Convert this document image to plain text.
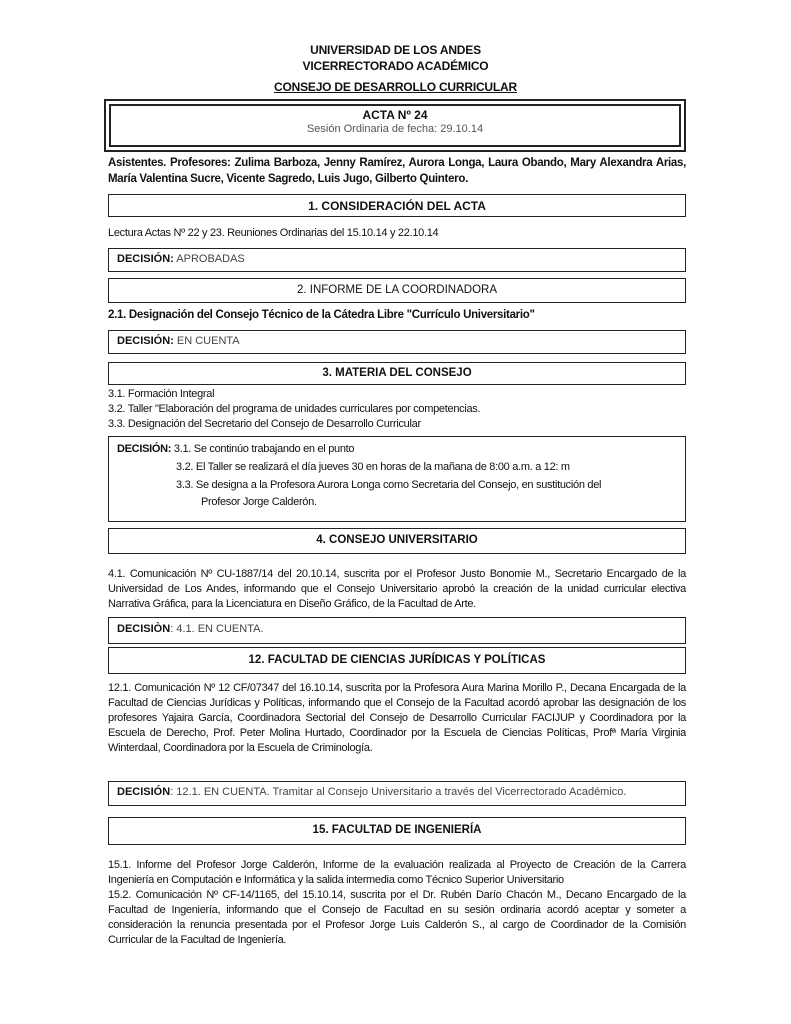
UNIVERSIDAD DE LOS ANDES
VICERRECTORADO ACADÉMICO
CONSEJO DE DESARROLLO CURRICULAR
ACTA Nº 24
Sesión Ordinaria de fecha: 29.10.14
Asistentes. Profesores: Zulima Barboza, Jenny Ramírez, Aurora Longa, Laura Obando, Mary Alexandra Arias, María Valentina Sucre, Vicente Sagredo, Luis Jugo, Gilberto Quintero.
1. CONSIDERACIÓN DEL ACTA
Lectura Actas Nº 22 y 23. Reuniones Ordinarias del 15.10.14 y 22.10.14
DECISIÓN: APROBADAS
2. INFORME DE LA COORDINADORA
2.1. Designación del Consejo Técnico de la Cátedra Libre "Currículo Universitario"
DECISIÓN: EN CUENTA
3. MATERIA DEL CONSEJO
3.1. Formación Integral
3.2. Taller "Elaboración del programa de unidades curriculares por competencias.
3.3. Designación del Secretario del Consejo de Desarrollo Curricular
DECISIÓN: 3.1. Se continúo trabajando en el punto
3.2. El Taller se realizará el día jueves 30 en horas de la mañana de 8:00 a.m. a 12: m
3.3. Se designa a la Profesora Aurora Longa como Secretaria del Consejo, en sustitución del
Profesor Jorge Calderón.
4. CONSEJO UNIVERSITARIO
4.1. Comunicación Nº CU-1887/14 del 20.10.14, suscrita por el Profesor Justo Bonomie M., Secretario Encargado de la Universidad de Los Andes, informando que el Consejo Universitario aprobó la creación de la unidad curricular electiva Narrativa Gráfica, para la Licenciatura en Diseño Gráfico, de la Facultad de Arte.
DECISIÒN: 4.1. EN CUENTA.
12. FACULTAD DE CIENCIAS JURÍDICAS Y POLÍTICAS
12.1. Comunicación Nº 12 CF/07347 del 16.10.14, suscrita por la Profesora Aura Marina Morillo P., Decana Encargada de la Facultad de Ciencias Jurídicas y Políticas, informando que el Consejo de la Facultad acordó aprobar las designación de los profesores Yajaira García, Coordinadora Sectorial del Consejo de Desarrollo Curricular FACIJUP y Coordinadora por la Escuela de Derecho, Prof. Peter Molina Hurtado, Coordinador por la Escuela de Ciencias Políticas, Profª María Virginia Winterdaal, Coordinadora por la Escuela de Criminología.
DECISIÓN: 12.1. EN CUENTA. Tramitar al Consejo Universitario a través del Vicerrectorado Académico.
15. FACULTAD DE INGENIERÍA
15.1. Informe del Profesor Jorge Calderón, Informe de la evaluación realizada al Proyecto de Creación de la Carrera Ingeniería en Computación e Informática y la salida intermedia como Técnico Superior Universitario
15.2. Comunicación Nº CF-14/1165, del 15.10.14, suscrita por el Dr. Rubén Darío Chacón M., Decano Encargado de la Facultad de Ingeniería, informando que el Consejo de Facultad en su sesión ordinaria acordó aceptar y someter a consideración la renuncia presentada por el Profesor Jorge Luis Calderón S., al cargo de Coordinador de la Comisión Curricular de la Facultad de Ingeniería.
